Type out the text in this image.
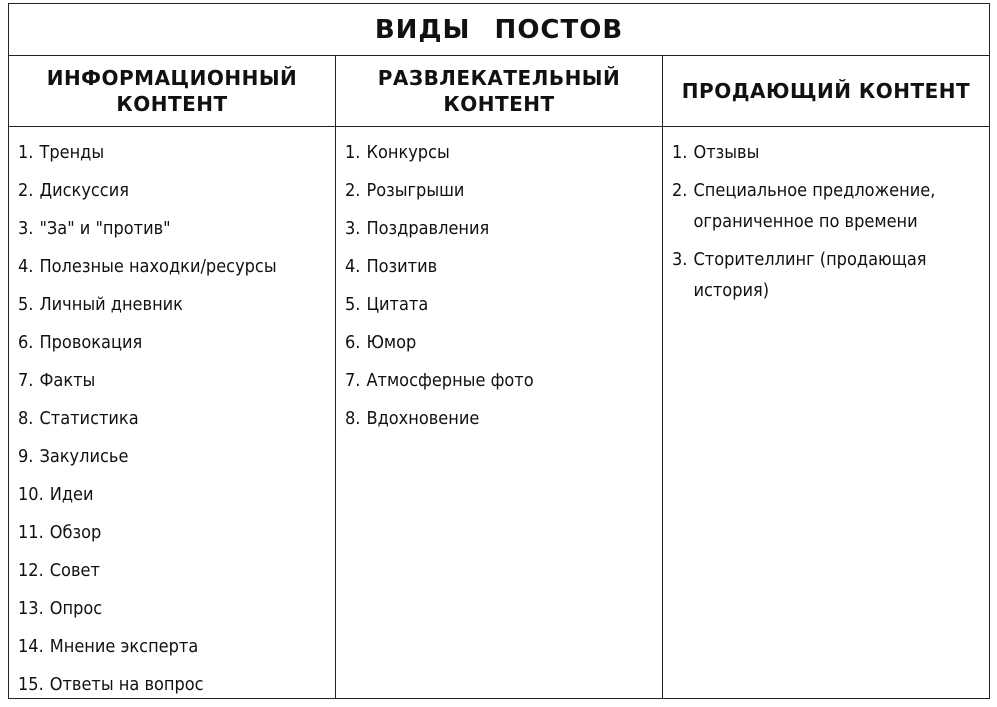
ВИДЫ ПОСТОВ
ИНФОРМАЦИОННЫЙ
КОНТЕНТ
1. Тренды
2. Дискуссия
3. "За" и "против"
4. Полезные находки/ресурсы
5. Личный дневник
6. Провокация
7. Факты
8. Статистика
9. Закулисье
10. Идеи
11. Обзор
12. Совет
13. Опрос
14. Мнение эксперта
15. Ответы на вопрос
РАЗВЛЕКАТЕЛЬНЫЙ
КОНТЕНТ
1. Конкурсы
2. Розыгрыши
3. Поздравления
4. Позитив
5. Цитата
6. Юмор
7. Атмосферные фото
8. Вдохновение
ПРОДАЮЩИЙ КОНТЕНТ
1. Отзывы
2. Специальное предложение, ограниченное по времени
3. Сторителлинг (продающая история)
